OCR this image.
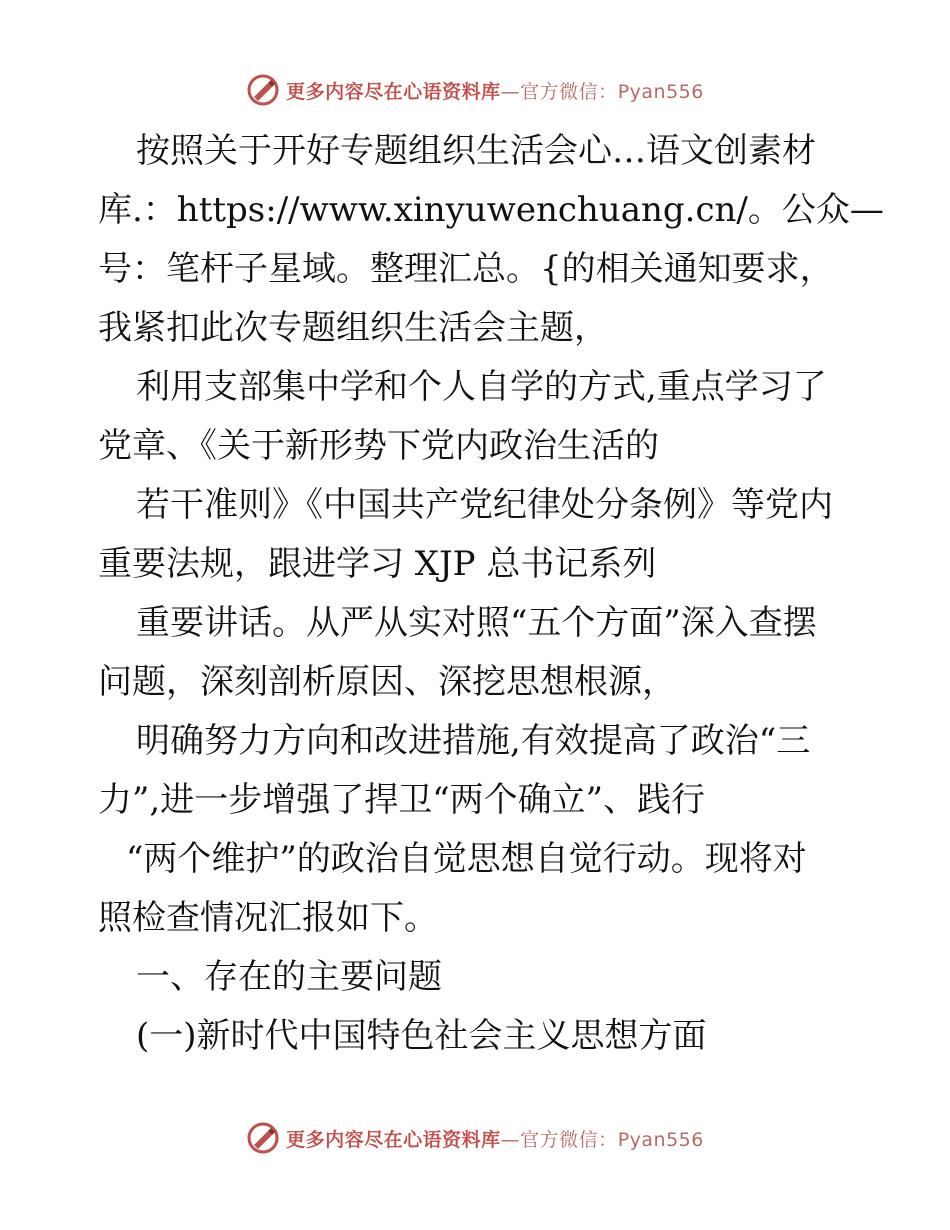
更多内容尽在心语资料库—官方微信：Pyan556
按照关于开好专题组织生活会心…语文创素材
库.：https://www.xinyuwenchuang.cn/。公众—
号：笔杆子星域。整理汇总。{的相关通知要求，
我紧扣此次专题组织生活会主题，
利用支部集中学和个人自学的方式,重点学习了
党章、《关于新形势下党内政治生活的
若干准则》《中国共产党纪律处分条例》等党内
重要法规，跟进学习 XJP 总书记系列
重要讲话。从严从实对照“五个方面”深入查摆
问题，深刻剖析原因、深挖思想根源，
明确努力方向和改进措施,有效提高了政治“三
力”,进一步增强了捍卫“两个确立”、践行
“两个维护”的政治自觉思想自觉行动。现将对
照检查情况汇报如下。
一、存在的主要问题
(一)新时代中国特色社会主义思想方面
更多内容尽在心语资料库—官方微信：Pyan556
